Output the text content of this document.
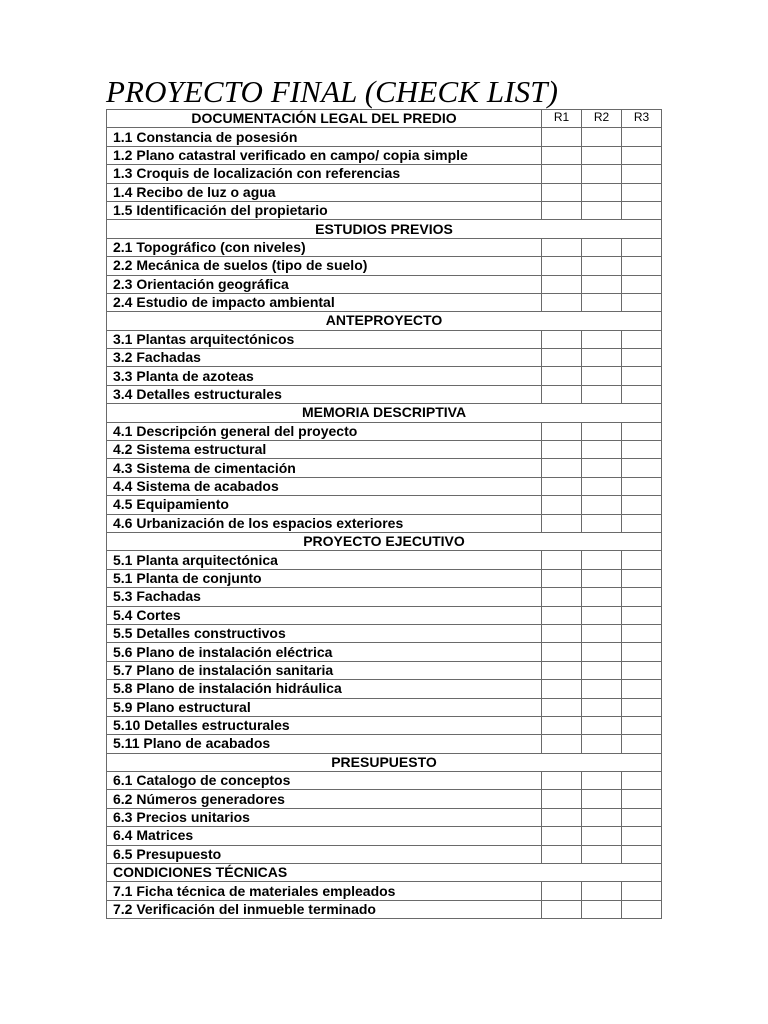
PROYECTO FINAL (CHECK LIST)
DOCUMENTACIÓN LEGAL DEL PREDIO	R1	R2	R3
1.1 Constancia de posesión			
1.2 Plano catastral verificado en campo/ copia simple			
1.3 Croquis de localización con referencias			
1.4 Recibo de luz o agua			
1.5 Identificación del propietario			
ESTUDIOS PREVIOS			
2.1 Topográfico (con niveles)			
2.2 Mecánica de suelos (tipo de suelo)			
2.3 Orientación geográfica			
2.4 Estudio de impacto ambiental			
ANTEPROYECTO			
3.1 Plantas arquitectónicos			
3.2 Fachadas			
3.3 Planta de azoteas			
3.4 Detalles estructurales			
MEMORIA DESCRIPTIVA			
4.1 Descripción general del proyecto			
4.2 Sistema estructural			
4.3 Sistema de cimentación			
4.4 Sistema de acabados			
4.5 Equipamiento			
4.6 Urbanización de los espacios exteriores			
PROYECTO EJECUTIVO			
5.1 Planta arquitectónica			
5.1 Planta de conjunto			
5.3 Fachadas			
5.4 Cortes			
5.5 Detalles constructivos			
5.6 Plano de instalación eléctrica			
5.7 Plano de instalación sanitaria			
5.8 Plano de instalación hidráulica			
5.9 Plano estructural			
5.10 Detalles estructurales			
5.11 Plano de acabados			
PRESUPUESTO			
6.1 Catalogo de conceptos			
6.2 Números generadores			
6.3 Precios unitarios			
6.4 Matrices			
6.5 Presupuesto			
CONDICIONES TÉCNICAS			
7.1 Ficha técnica de materiales empleados			
7.2 Verificación del inmueble terminado			
